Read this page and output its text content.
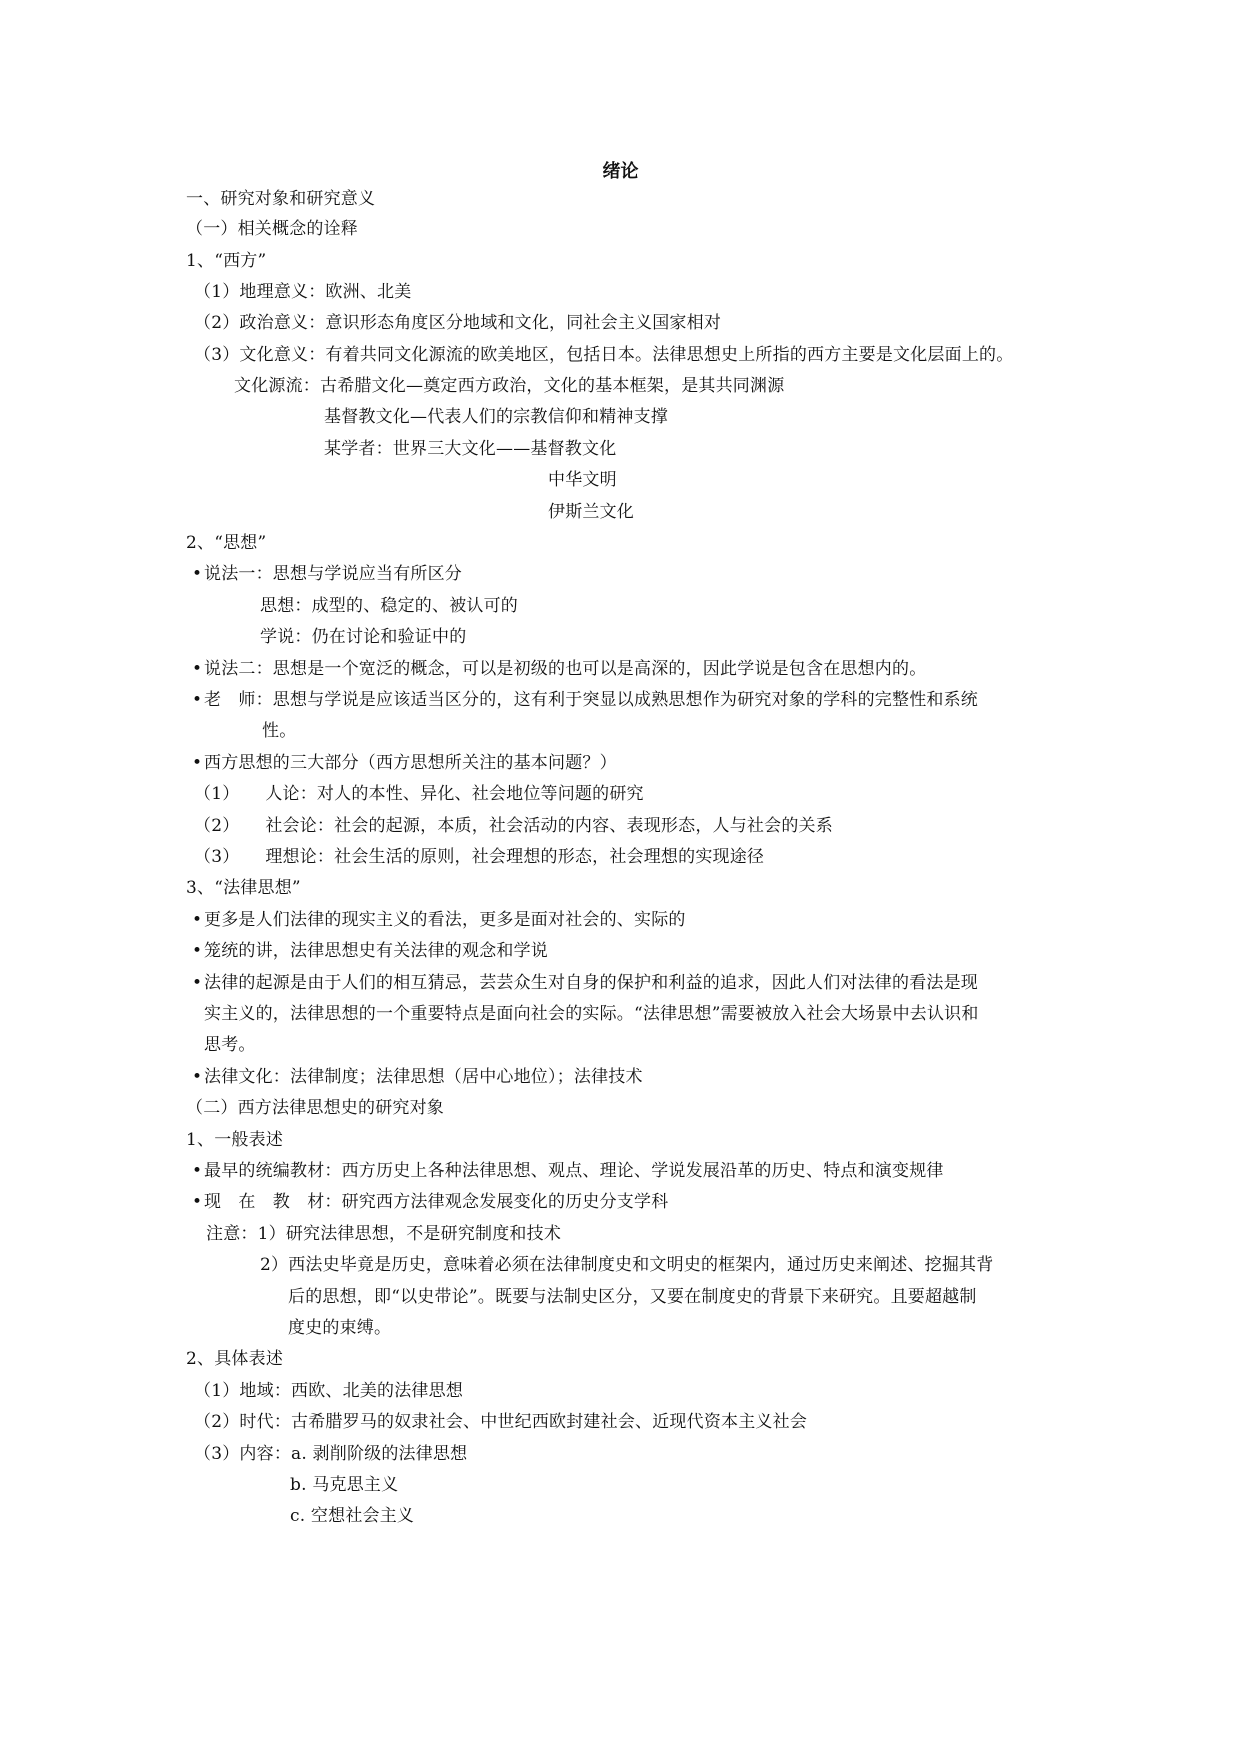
绪论
一、研究对象和研究意义
（一）相关概念的诠释
1、“西方”
（1）地理意义：欧洲、北美
（2）政治意义：意识形态角度区分地域和文化，同社会主义国家相对
（3）文化意义：有着共同文化源流的欧美地区，包括日本。法律思想史上所指的西方主要是文化层面上的。
文化源流：古希腊文化—奠定西方政治，文化的基本框架，是其共同渊源
基督教文化—代表人们的宗教信仰和精神支撑
某学者：世界三大文化——基督教文化
中华文明
伊斯兰文化
2、“思想”
• 说法一：思想与学说应当有所区分
思想：成型的、稳定的、被认可的
学说：仍在讨论和验证中的
• 说法二：思想是一个宽泛的概念，可以是初级的也可以是高深的，因此学说是包含在思想内的。
• 老　师：思想与学说是应该适当区分的，这有利于突显以成熟思想作为研究对象的学科的完整性和系统
性。
• 西方思想的三大部分（西方思想所关注的基本问题？）
（1）　　人论：对人的本性、异化、社会地位等问题的研究
（2）　　社会论：社会的起源，本质，社会活动的内容、表现形态，人与社会的关系
（3）　　理想论：社会生活的原则，社会理想的形态，社会理想的实现途径
3、“法律思想”
• 更多是人们法律的现实主义的看法，更多是面对社会的、实际的
• 笼统的讲，法律思想史有关法律的观念和学说
• 法律的起源是由于人们的相互猜忌，芸芸众生对自身的保护和利益的追求，因此人们对法律的看法是现
实主义的，法律思想的一个重要特点是面向社会的实际。“法律思想”需要被放入社会大场景中去认识和
思考。
• 法律文化：法律制度；法律思想（居中心地位）；法律技术
（二）西方法律思想史的研究对象
1、一般表述
• 最早的统编教材：西方历史上各种法律思想、观点、理论、学说发展沿革的历史、特点和演变规律
• 现　在　教　材：研究西方法律观念发展变化的历史分支学科
注意：1）研究法律思想，不是研究制度和技术
2）西法史毕竟是历史，意味着必须在法律制度史和文明史的框架内，通过历史来阐述、挖掘其背
后的思想，即“以史带论”。既要与法制史区分，又要在制度史的背景下来研究。且要超越制
度史的束缚。
2、具体表述
（1）地域：西欧、北美的法律思想
（2）时代：古希腊罗马的奴隶社会、中世纪西欧封建社会、近现代资本主义社会
（3）内容：a. 剥削阶级的法律思想
b. 马克思主义
c. 空想社会主义
